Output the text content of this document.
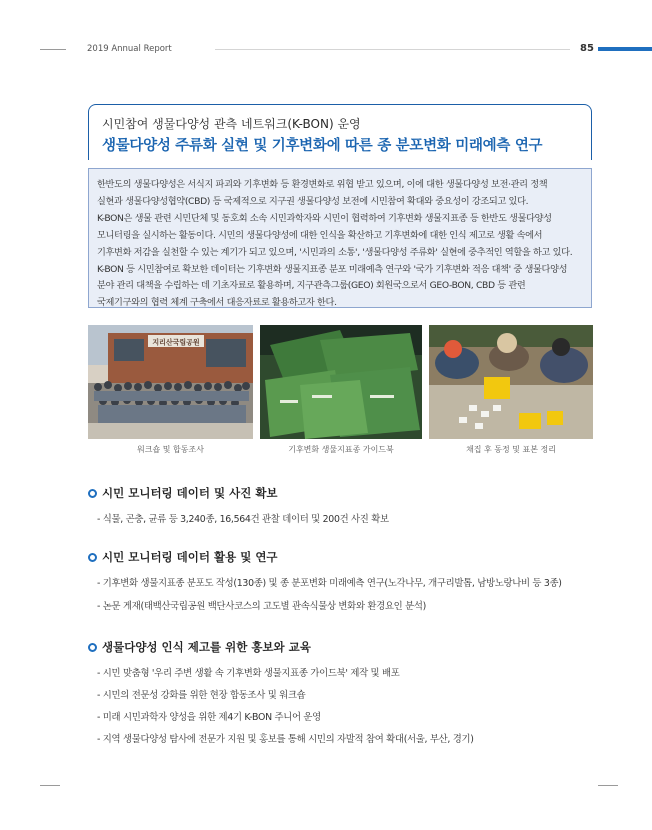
2019 Annual Report	85
시민참여 생물다양성 관측 네트워크(K-BON) 운영
생물다양성 주류화 실현 및 기후변화에 따른 종 분포변화 미래예측 연구
한반도의 생물다양성은 서식지 파괴와 기후변화 등 환경변화로 위협 받고 있으며, 이에 대한 생물다양성 보전·관리 정책
실현과 생물다양성협약(CBD) 등 국제적으로 지구권 생물다양성 보전에 시민참여 확대와 중요성이 강조되고 있다.
K-BON은 생물 관련 시민단체 및 동호회 소속 시민과학자와 시민이 협력하여 기후변화 생물지표종 등 한반도 생물다양성
모니터링을 실시하는 활동이다. 시민의 생물다양성에 대한 인식을 확산하고 기후변화에 대한 인식 제고로 생활 속에서
기후변화 저감을 실천할 수 있는 계기가 되고 있으며, '시민과의 소통', '생물다양성 주류화' 실현에 중추적인 역할을 하고 있다.
K-BON 등 시민참여로 확보한 데이터는 기후변화 생물지표종 분포 미래예측 연구와 '국가 기후변화 적응 대책' 중 생물다양성
분야 관리 대책을 수립하는 데 기초자료로 활용하며, 지구관측그룹(GEO) 회원국으로서 GEO-BON, CBD 등 관련
국제기구와의 협력 체계 구축에서 대응자료로 활용하고자 한다.
지리산국립공원
워크숍 및 합동조사	기후변화 생물지표종 가이드북	채집 후 동정 및 표본 정리
시민 모니터링 데이터 및 사진 확보
- 식물, 곤충, 균류 등 3,240종, 16,564건 관찰 데이터 및 200건 사진 확보
시민 모니터링 데이터 활용 및 연구
- 기후변화 생물지표종 분포도 작성(130종) 및 종 분포변화 미래예측 연구(노각나무, 개구리발톱, 남방노랑나비 등 3종)
- 논문 게재(태백산국립공원 백단사코스의 고도별 관속식물상 변화와 환경요인 분석)
생물다양성 인식 제고를 위한 홍보와 교육
- 시민 맞춤형 '우리 주변 생활 속 기후변화 생물지표종 가이드북' 제작 및 배포
- 시민의 전문성 강화를 위한 현장 합동조사 및 워크숍
- 미래 시민과학자 양성을 위한 제4기 K-BON 주니어 운영
- 지역 생물다양성 탐사에 전문가 지원 및 홍보를 통해 시민의 자발적 참여 확대(서울, 부산, 경기)
